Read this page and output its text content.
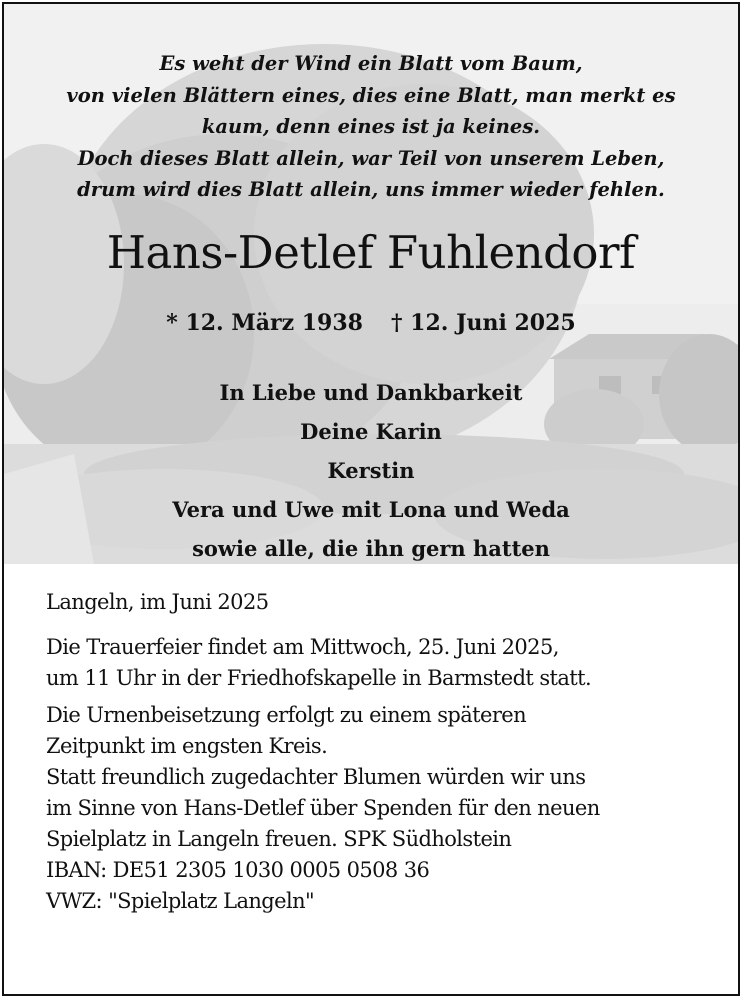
Es weht der Wind ein Blatt vom Baum,
von vielen Blättern eines, dies eine Blatt, man merkt es
kaum, denn eines ist ja keines.
Doch dieses Blatt allein, war Teil von unserem Leben,
drum wird dies Blatt allein, uns immer wieder fehlen.
Hans-Detlef Fuhlendorf
* 12. März 1938 † 12. Juni 2025
In Liebe und Dankbarkeit
Deine Karin
Kerstin
Vera und Uwe mit Lona und Weda
sowie alle, die ihn gern hatten
Langeln, im Juni 2025
Die Trauerfeier findet am Mittwoch, 25. Juni 2025,
um 11 Uhr in der Friedhofskapelle in Barmstedt statt.
Die Urnenbeisetzung erfolgt zu einem späteren
Zeitpunkt im engsten Kreis.
Statt freundlich zugedachter Blumen würden wir uns
im Sinne von Hans-Detlef über Spenden für den neuen
Spielplatz in Langeln freuen. SPK Südholstein
IBAN: DE51 2305 1030 0005 0508 36
VWZ: "Spielplatz Langeln"
